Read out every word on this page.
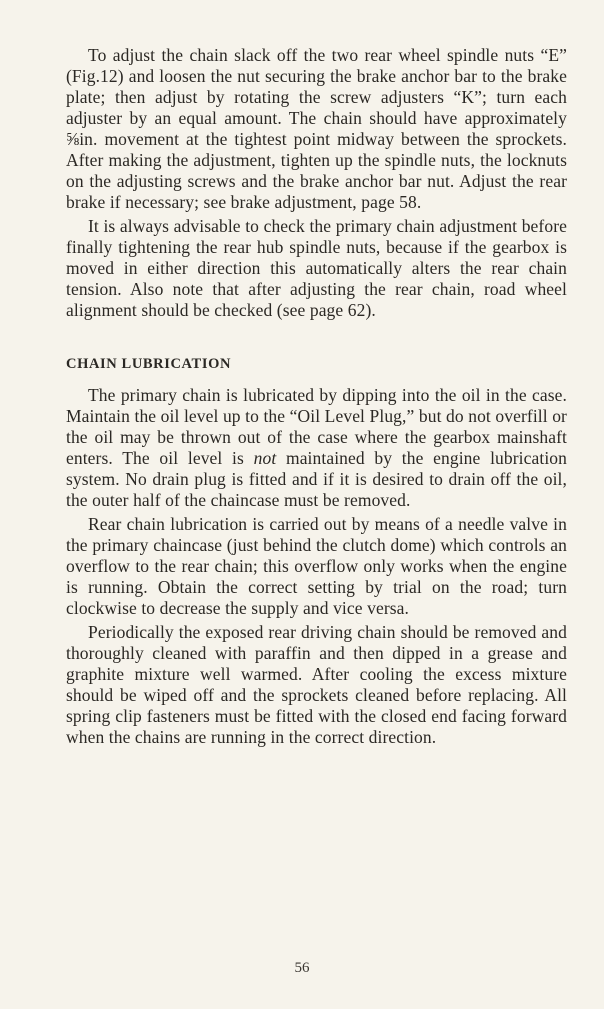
To adjust the chain slack off the two rear wheel spindle nuts “E” (Fig.12) and loosen the nut securing the brake anchor bar to the brake plate; then adjust by rotating the screw adjusters “K”; turn each adjuster by an equal amount. The chain should have approximately ⅝in. movement at the tightest point midway between the sprockets. After making the adjustment, tighten up the spindle nuts, the locknuts on the adjusting screws and the brake anchor bar nut. Adjust the rear brake if necessary; see brake adjustment, page 58.

It is always advisable to check the primary chain adjustment before finally tightening the rear hub spindle nuts, because if the gearbox is moved in either direction this automatically alters the rear chain tension. Also note that after adjusting the rear chain, road wheel alignment should be checked (see page 62).

CHAIN LUBRICATION

The primary chain is lubricated by dipping into the oil in the case. Maintain the oil level up to the “Oil Level Plug,” but do not overfill or the oil may be thrown out of the case where the gearbox mainshaft enters. The oil level is not maintained by the engine lubrication system. No drain plug is fitted and if it is desired to drain off the oil, the outer half of the chaincase must be removed.

Rear chain lubrication is carried out by means of a needle valve in the primary chaincase (just behind the clutch dome) which controls an overflow to the rear chain; this overflow only works when the engine is running. Obtain the correct setting by trial on the road; turn clockwise to decrease the supply and vice versa.

Periodically the exposed rear driving chain should be removed and thoroughly cleaned with paraffin and then dipped in a grease and graphite mixture well warmed. After cooling the excess mixture should be wiped off and the sprockets cleaned before replacing. All spring clip fasteners must be fitted with the closed end facing forward when the chains are running in the correct direction.

56
